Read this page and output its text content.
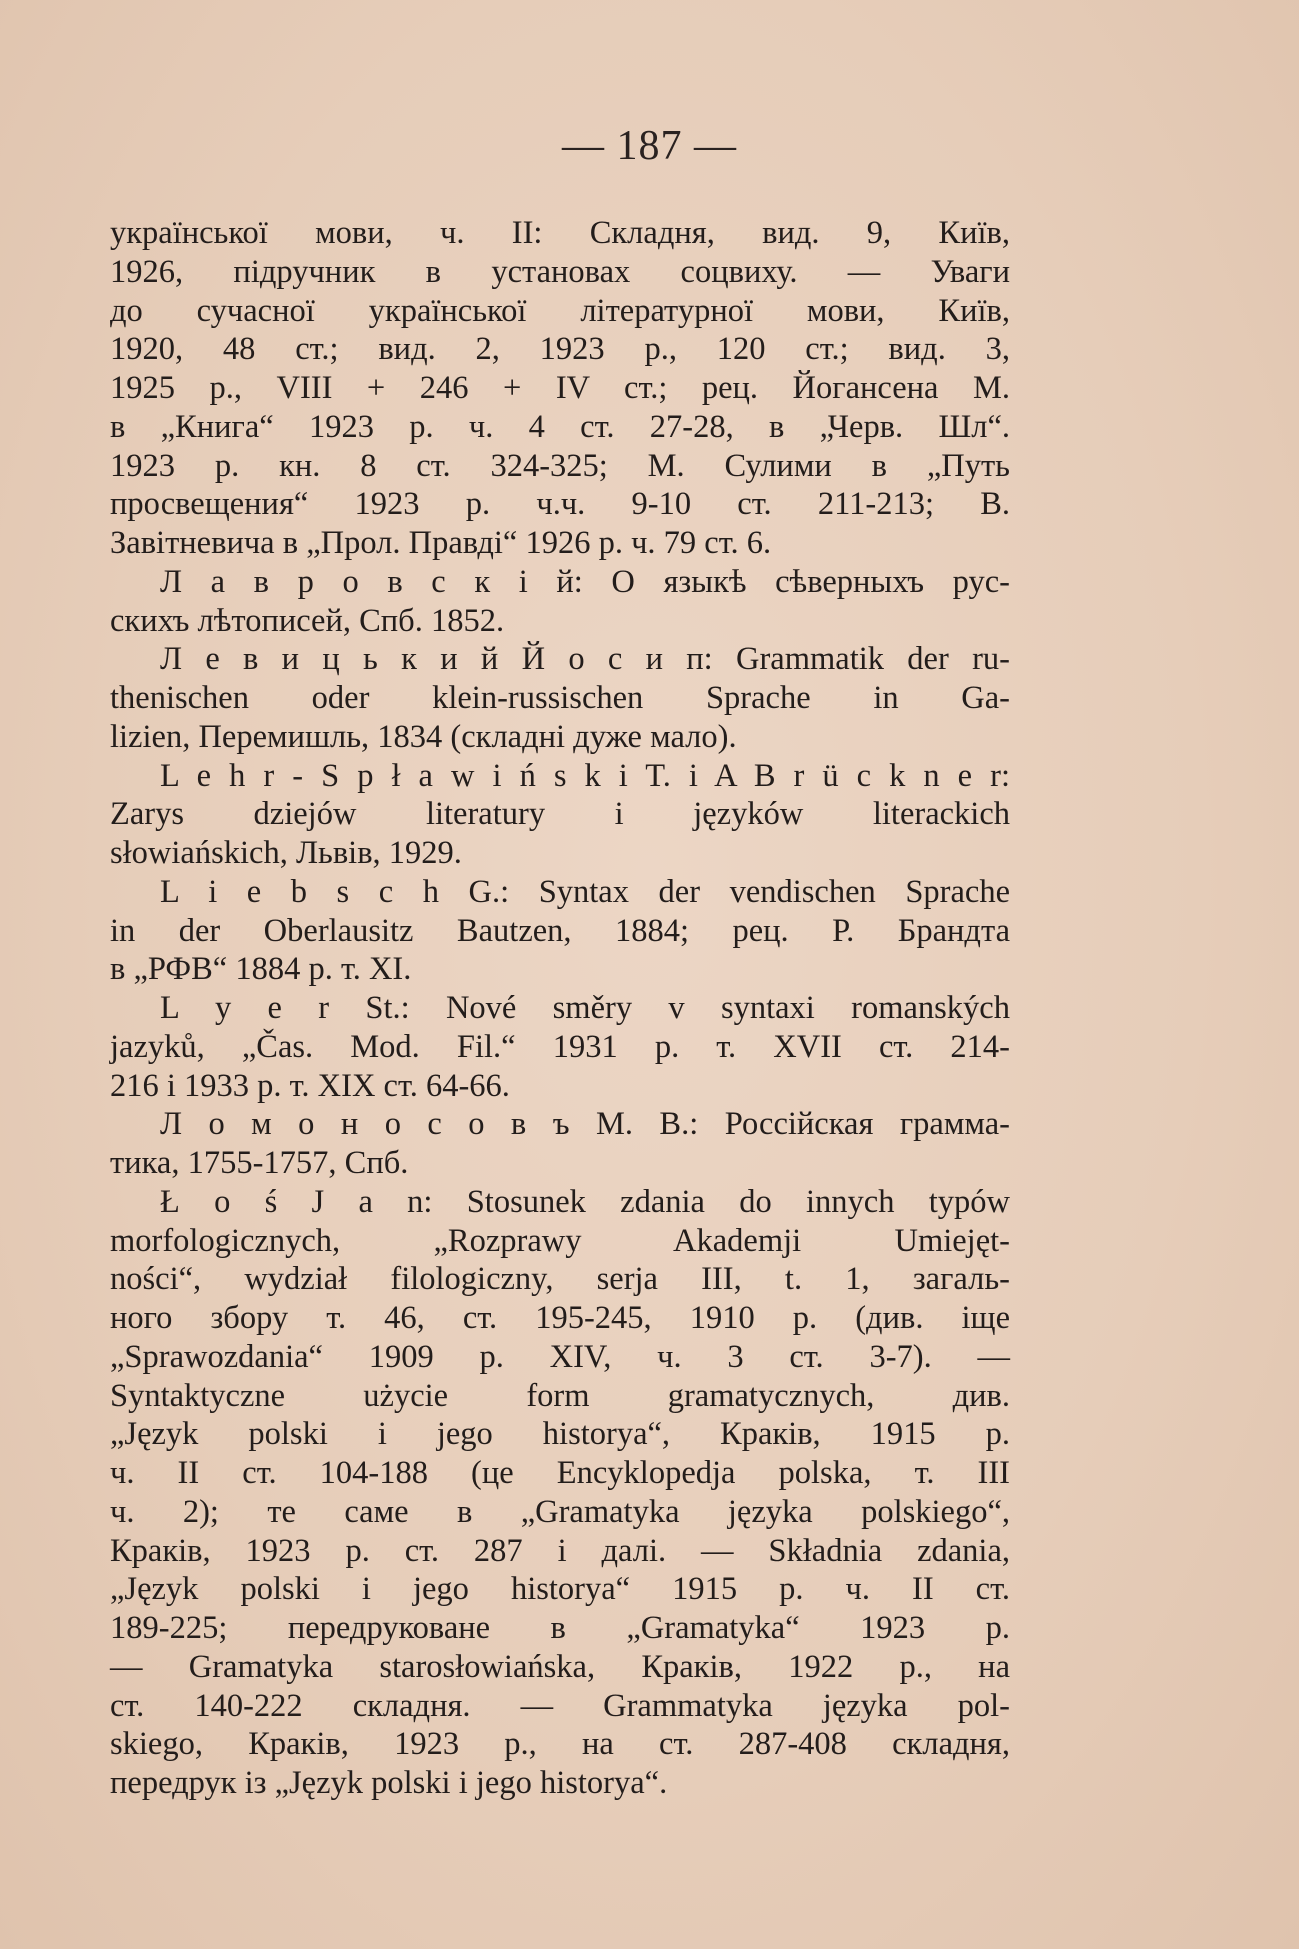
— 187 —
української мови, ч. II: Складня, вид. 9, Київ,
1926, підручник в установах соцвиху. — Уваги
до сучасної української літературної мови, Київ,
1920, 48 ст.; вид. 2, 1923 р., 120 ст.; вид. 3,
1925 р., VIII + 246 + IV ст.; рец. Йогансена М.
в „Книга“ 1923 р. ч. 4 ст. 27-28, в „Черв. Шл“.
1923 р. кн. 8 ст. 324-325; М. Сулими в „Путь
просвещения“ 1923 р. ч.ч. 9-10 ст. 211-213; В.
Завітневича в „Прол. Правді“ 1926 р. ч. 79 ст. 6.
Л а в р о в с к і й: О языкѣ сѣверныхъ рус-
скихъ лѣтописей, Спб. 1852.
Л е в и ц ь к и й Й о с и п: Grammatik der ru-
thenischen oder klein-russischen Sprache in Ga-
lizien, Перемишль, 1834 (складні дуже мало).
L e h r - S p ł a w i ń s k i T. i A B r ü c k n e r:
Zarys dziejów literatury i języków literackich
słowiańskich, Львів, 1929.
L i e b s c h G.: Syntax der vendischen Sprache
in der Oberlausitz Bautzen, 1884; рец. Р. Брандта
в „РФВ“ 1884 р. т. XI.
L y e r St.: Nové směry v syntaxi romanských
jazyků, „Čas. Mod. Fil.“ 1931 р. т. XVII ст. 214-
216 і 1933 р. т. XIX ст. 64-66.
Л о м о н о с о в ъ М. В.: Россійская грамма-
тика, 1755-1757, Спб.
Ł o ś J a n: Stosunek zdania do innych typów
morfologicznych, „Rozprawy Akademji Umiejęt-
ności“, wydział filologiczny, serja III, t. 1, загаль-
ного збору т. 46, ст. 195-245, 1910 р. (див. іще
„Sprawozdania“ 1909 р. XIV, ч. 3 ст. 3-7). —
Syntaktyczne użycie form gramatycznych, див.
„Język polski i jego historya“, Краків, 1915 р.
ч. II ст. 104-188 (це Encyklopedja polska, т. III
ч. 2); те саме в „Gramatyka języka polskiego“,
Краків, 1923 р. ст. 287 і далі. — Składnia zdania,
„Język polski i jego historya“ 1915 р. ч. II ст.
189-225; передруковане в „Gramatyka“ 1923 р.
— Gramatyka starosłowiańska, Краків, 1922 р., на
ст. 140-222 складня. — Grammatyka języka pol-
skiego, Краків, 1923 р., на ст. 287-408 складня,
передрук із „Język polski i jego historya“.
